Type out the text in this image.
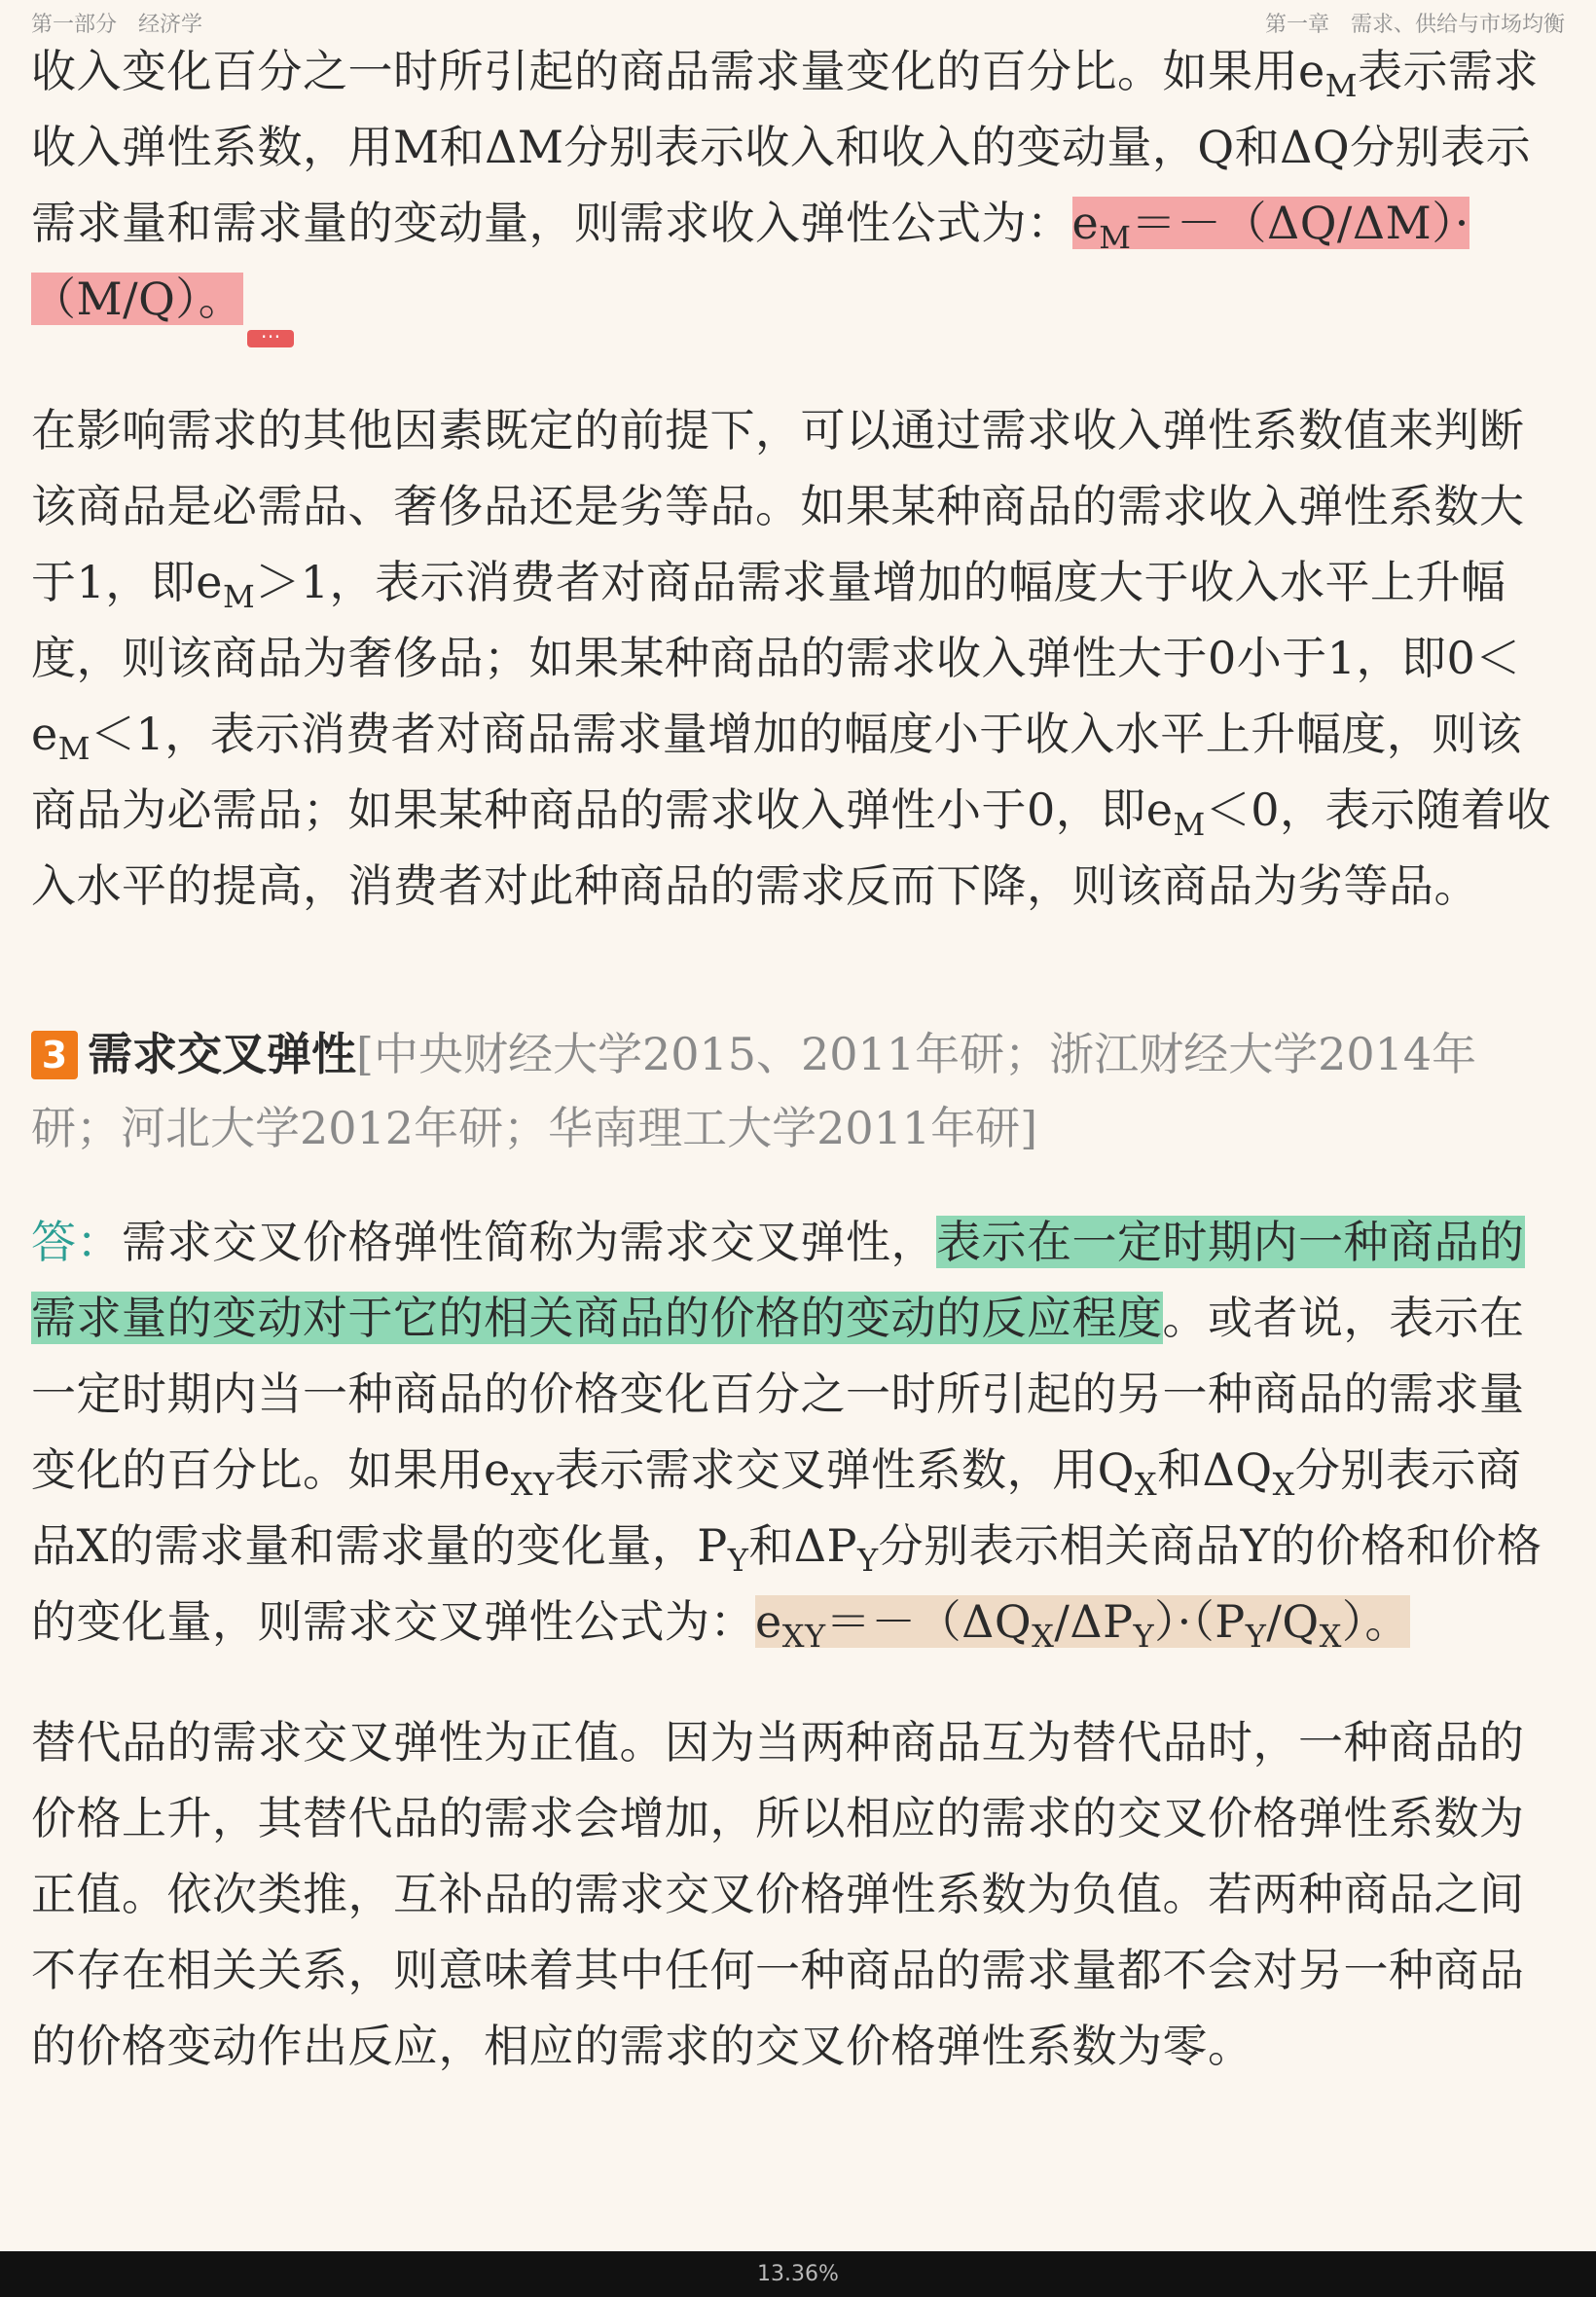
第一部分　经济学	第一章　需求、供给与市场均衡

收入变化百分之一时所引起的商品需求量变化的百分比。如果用$e_M$表示需求收入弹性系数，用M和ΔM分别表示收入和收入的变动量，Q和ΔQ分别表示需求量和需求量的变动量，则需求收入弹性公式为：$e_M=-(\Delta Q/\Delta M)\cdot(M/Q)$。···

在影响需求的其他因素既定的前提下，可以通过需求收入弹性系数值来判断该商品是必需品、奢侈品还是劣等品。如果某种商品的需求收入弹性系数大于1，即$e_M>1$，表示消费者对商品需求量增加的幅度大于收入水平上升幅度，则该商品为奢侈品；如果某种商品的需求收入弹性大于0小于1，即$0<e_M<1$，表示消费者对商品需求量增加的幅度小于收入水平上升幅度，则该商品为必需品；如果某种商品的需求收入弹性小于0，即$e_M<0$，表示随着收入水平的提高，消费者对此种商品的需求反而下降，则该商品为劣等品。

3 需求交叉弹性[中央财经大学2015、2011年研；浙江财经大学2014年研；河北大学2012年研；华南理工大学2011年研]

答：需求交叉价格弹性简称为需求交叉弹性，表示在一定时期内一种商品的需求量的变动对于它的相关商品的价格的变动的反应程度。或者说，表示在一定时期内当一种商品的价格变化百分之一时所引起的另一种商品的需求量变化的百分比。如果用$e_{XY}$表示需求交叉弹性系数，用$Q_X$和$\Delta Q_X$分别表示商品X的需求量和需求量的变化量，$P_Y$和$\Delta P_Y$分别表示相关商品Y的价格和价格的变化量，则需求交叉弹性公式为：$e_{XY}=-(\Delta Q_X/\Delta P_Y)\cdot(P_Y/Q_X)$。

替代品的需求交叉弹性为正值。因为当两种商品互为替代品时，一种商品的价格上升，其替代品的需求会增加，所以相应的需求的交叉价格弹性系数为正值。依次类推，互补品的需求交叉价格弹性系数为负值。若两种商品之间不存在相关关系，则意味着其中任何一种商品的需求量都不会对另一种商品的价格变动作出反应，相应的需求的交叉价格弹性系数为零。

13.36%
